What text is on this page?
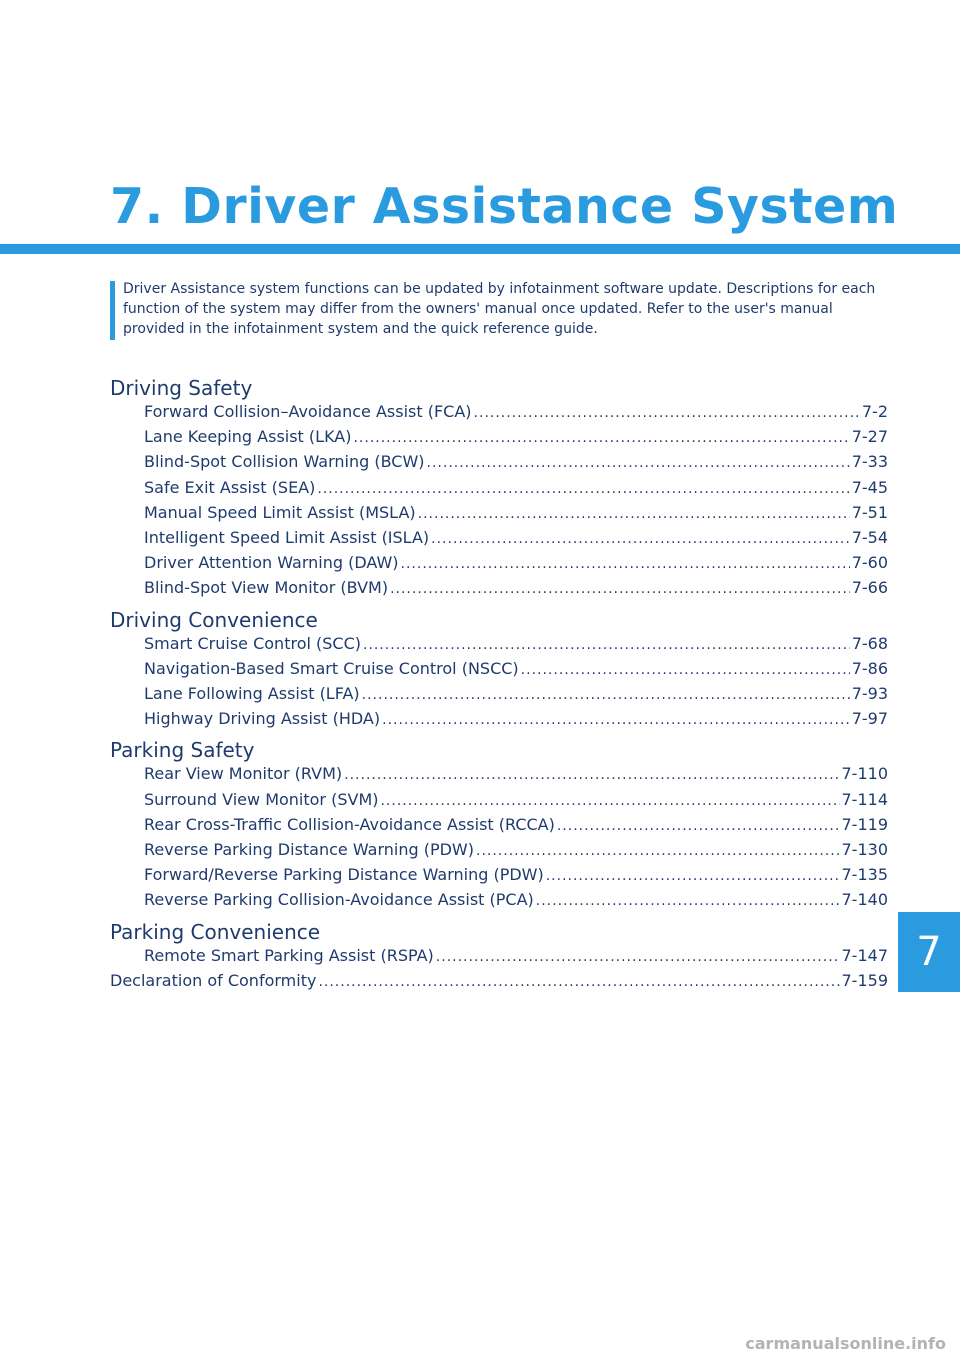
7. Driver Assistance System
Driver Assistance system functions can be updated by infotainment software update. Descriptions for each function of the system may differ from the owners' manual once updated. Refer to the user's manual provided in the infotainment system and the quick reference guide.
Driving Safety
Forward Collision–Avoidance Assist (FCA) .....	7-2
Lane Keeping Assist (LKA) .....	7-27
Blind-Spot Collision Warning (BCW) .....	7-33
Safe Exit Assist (SEA) .....	7-45
Manual Speed Limit Assist (MSLA) .....	7-51
Intelligent Speed Limit Assist (ISLA) .....	7-54
Driver Attention Warning (DAW) .....	7-60
Blind-Spot View Monitor (BVM) .....	7-66
Driving Convenience
Smart Cruise Control (SCC) .....	7-68
Navigation-Based Smart Cruise Control (NSCC) .....	7-86
Lane Following Assist (LFA) .....	7-93
Highway Driving Assist (HDA) .....	7-97
Parking Safety
Rear View Monitor (RVM) .....	7-110
Surround View Monitor (SVM) .....	7-114
Rear Cross-Traffic Collision-Avoidance Assist (RCCA) .....	7-119
Reverse Parking Distance Warning (PDW) .....	7-130
Forward/Reverse Parking Distance Warning (PDW) .....	7-135
Reverse Parking Collision-Avoidance Assist (PCA) .....	7-140
Parking Convenience
Remote Smart Parking Assist (RSPA) .....	7-147
Declaration of Conformity .....	7-159
7
carmanualsonline.info
